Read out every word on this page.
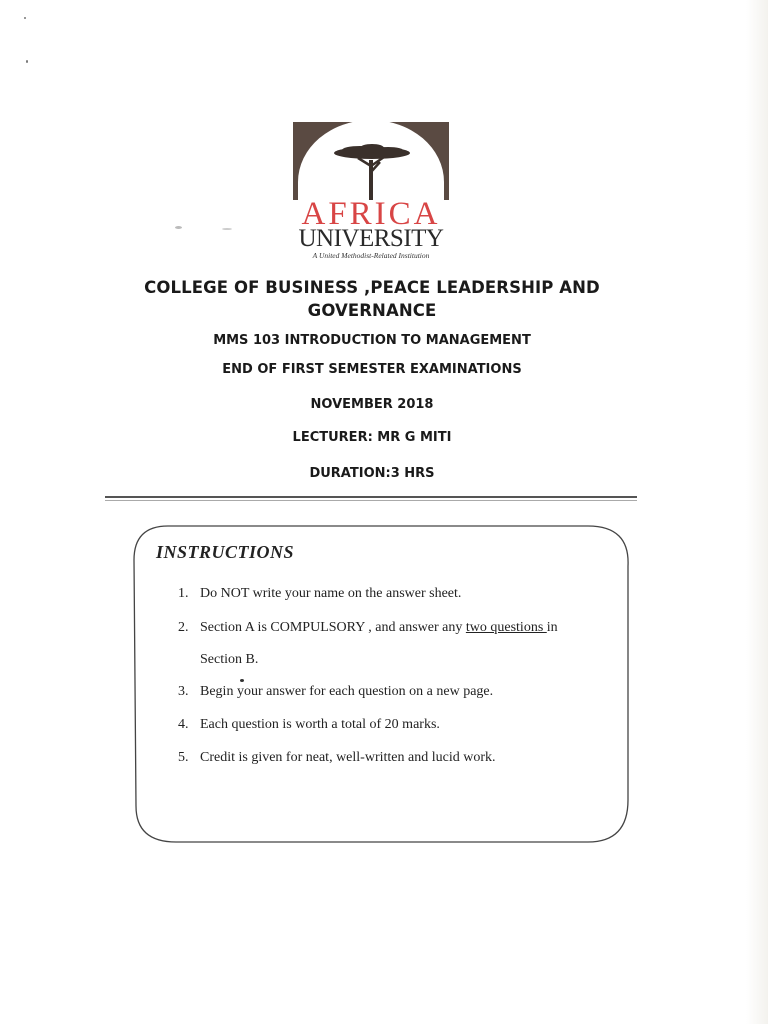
AFRICA
UNIVERSITY
A United Methodist-Related Institution
COLLEGE OF BUSINESS ,PEACE LEADERSHIP AND GOVERNANCE
MMS 103 INTRODUCTION TO MANAGEMENT
END OF FIRST SEMESTER EXAMINATIONS
NOVEMBER 2018
LECTURER: MR G MITI
DURATION:3 HRS
INSTRUCTIONS
1. Do NOT write your name on the answer sheet.
2. Section A is COMPULSORY , and answer any two questions in
Section B.
3. Begin your answer for each question on a new page.
4. Each question is worth a total of 20 marks.
5. Credit is given for neat, well-written and lucid work.
